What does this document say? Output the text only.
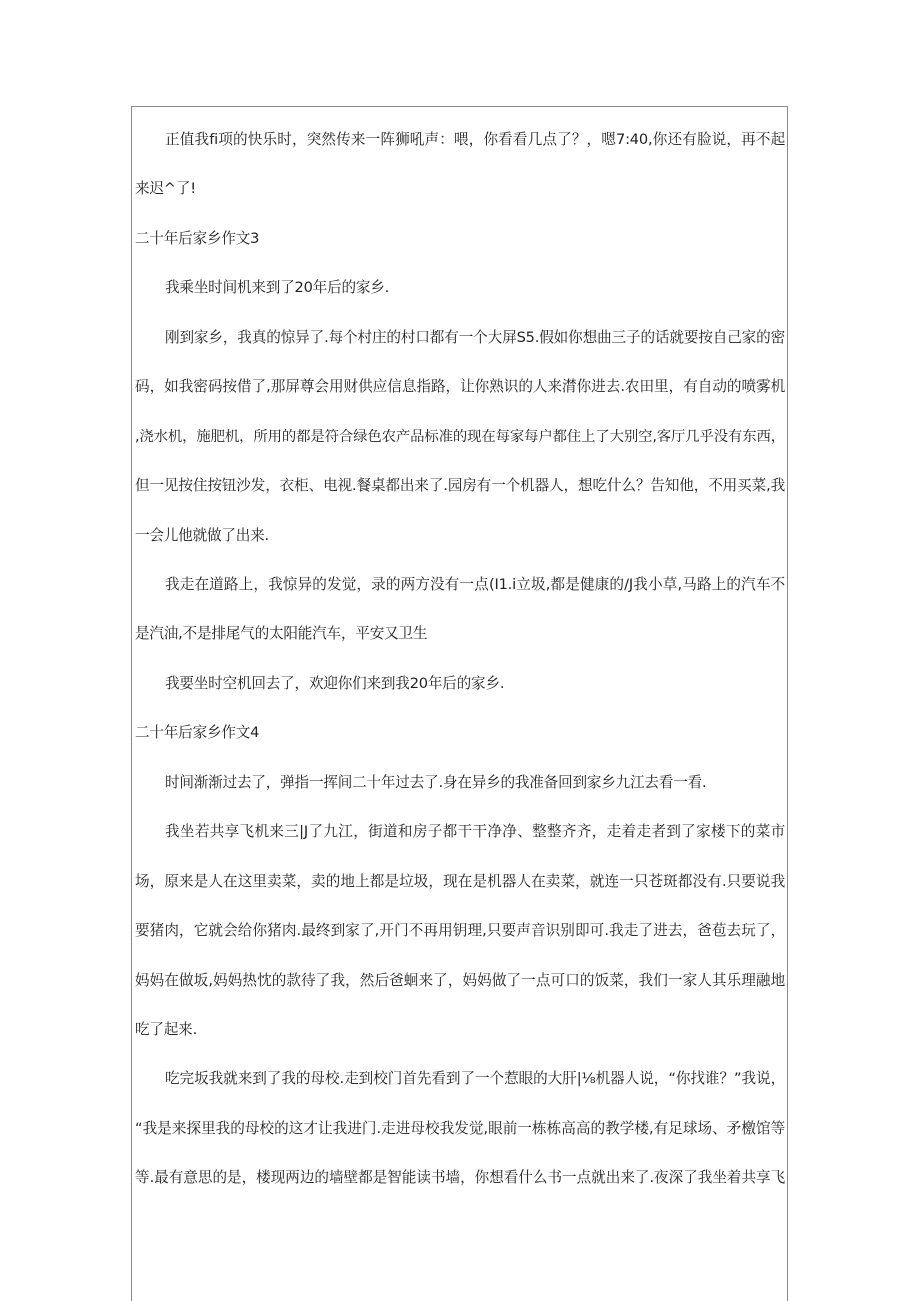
正值我fi项的快乐时，突然传来一阵狮吼声：喂，你看看几点了？，嗯7:40,你还有脸说，再不起
来迟^了!
二十年后家乡作文3
我乘坐时间机来到了20年后的家乡.
刚到家乡，我真的惊异了.每个村庄的村口都有一个大屏S5.假如你想曲三子的话就要按自己家的密
码，如我密码按借了,那屏尊会用财供应信息指路，让你熟识的人来潸你进去.农田里，有自动的喷雾机
,浇水机，施肥机，所用的都是符合绿色农产品标准的现在每家每户都住上了大别空,客厅几乎没有东西，
但一见按住按钮沙发，衣柜、电视.餐桌都出来了.园房有一个机器人，想吃什么？告知他，不用买菜,我
一会儿他就做了出来.
我走在道路上，我惊异的发觉，录的两方没有一点(I1.i立圾,都是健康的/J我小草,马路上的汽车不
是汽油,不是排尾气的太阳能汽车，平安又卫生
我要坐时空机回去了，欢迎你们来到我20年后的家乡.
二十年后家乡作文4
时间渐渐过去了，弹指一挥间二十年过去了.身在异乡的我准备回到家乡九江去看一看.
我坐若共享飞机来三|J了九江，街道和房子都干干净净、整整齐齐，走着走者到了家楼下的菜市
场，原来是人在这里卖菜，卖的地上都是垃圾，现在是机器人在卖菜，就连一只苍斑都没有.只要说我
要猪肉，它就会给你猪肉.最终到家了,开门不再用钥理,只要声音识别即可.我走了进去，爸苞去玩了，
妈妈在做坂,妈妈热忱的款待了我，然后爸蛔来了，妈妈做了一点可口的饭菜，我们一家人其乐理融地
吃了起来.
吃完坂我就来到了我的母校.走到校门首先看到了一个惹眼的大肝|⅛机器人说，“你找谁？”我说，
“我是来探里我的母校的这才让我进门.走进母校我发觉,眼前一栋栋高高的教学楼,有足球场、矛檄馆等
等.最有意思的是，楼现两边的墙壁都是智能读书墙，你想看什么书一点就出来了.夜深了我坐着共享飞
